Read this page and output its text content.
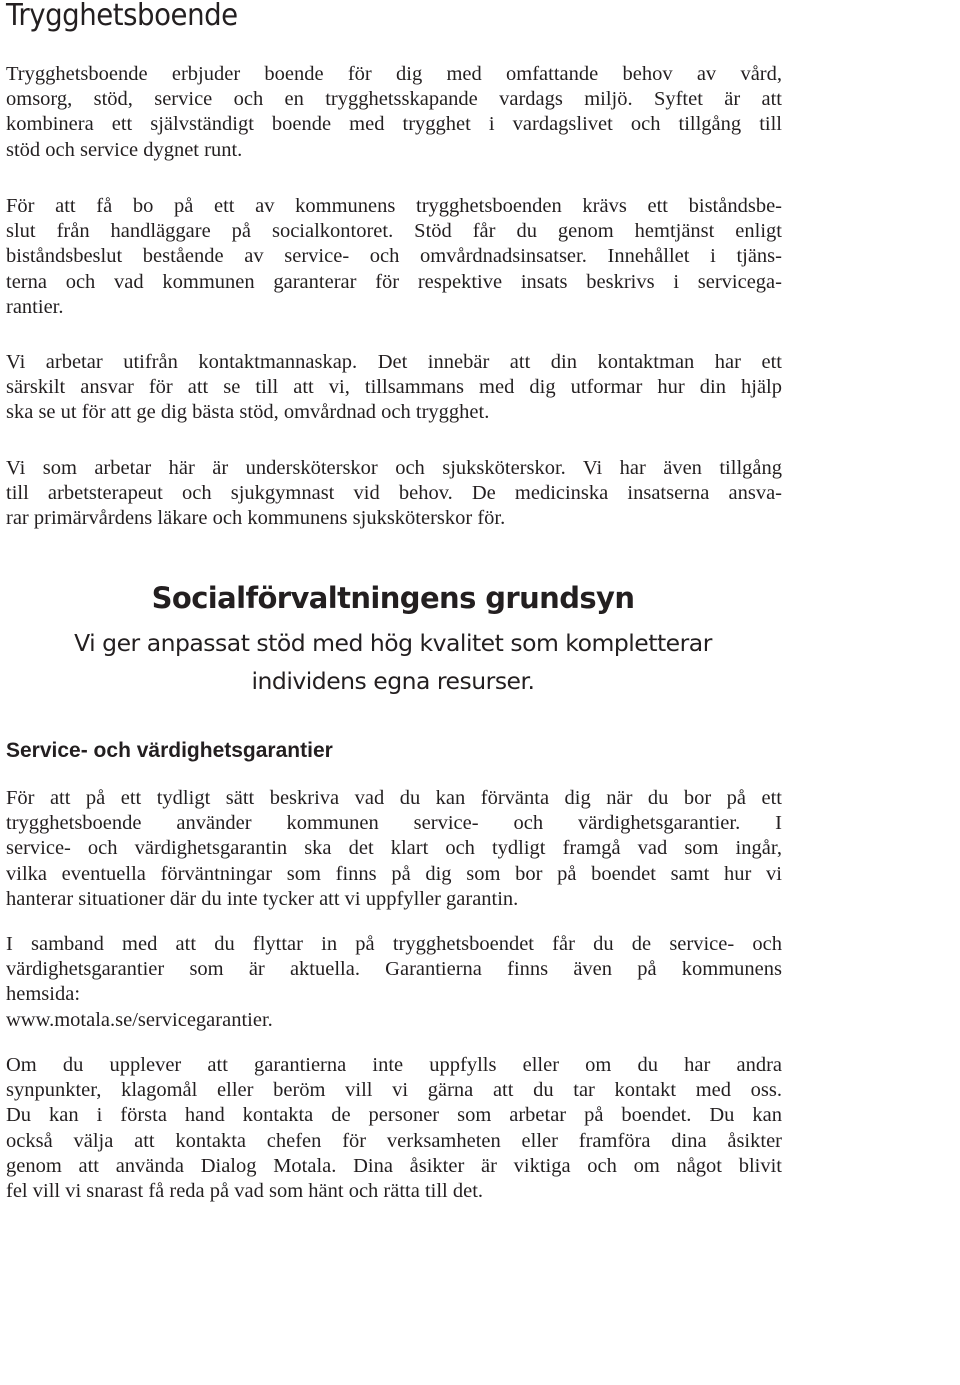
Trygghetsboende

Trygghetsboende erbjuder boende för dig med omfattande behov av vård,
omsorg, stöd, service och en trygghetsskapande vardags miljö. Syftet är att
kombinera ett självständigt boende med trygghet i vardagslivet och tillgång till
stöd och service dygnet runt.

För att få bo på ett av kommunens trygghetsboenden krävs ett biståndsbe-
slut från handläggare på socialkontoret. Stöd får du genom hemtjänst enligt
biståndsbeslut bestående av service- och omvårdnadsinsatser. Innehållet i tjäns-
terna och vad kommunen garanterar för respektive insats beskrivs i servicega-
rantier.

Vi arbetar utifrån kontaktmannaskap. Det innebär att din kontaktman har ett
särskilt ansvar för att se till att vi, tillsammans med dig utformar hur din hjälp
ska se ut för att ge dig bästa stöd, omvårdnad och trygghet.

Vi som arbetar här är undersköterskor och sjuksköterskor. Vi har även tillgång
till arbetsterapeut och sjukgymnast vid behov. De medicinska insatserna ansva-
rar primärvårdens läkare och kommunens sjuksköterskor för.

Socialförvaltningens grundsyn
Vi ger anpassat stöd med hög kvalitet som kompletterar
individens egna resurser.
Service- och värdighetsgarantier

För att på ett tydligt sätt beskriva vad du kan förvänta dig när du bor på ett
trygghetsboende använder kommunen service- och värdighetsgarantier. I
service- och värdighetsgarantin ska det klart och tydligt framgå vad som ingår,
vilka eventuella förväntningar som finns på dig som bor på boendet samt hur vi
hanterar situationer där du inte tycker att vi uppfyller garantin.

I samband med att du flyttar in på trygghetsboendet får du de service- och
värdighetsgarantier som är aktuella. Garantierna finns även på kommunens
hemsida:
www.motala.se/servicegarantier.

Om du upplever att garantierna inte uppfylls eller om du har andra
synpunkter, klagomål eller beröm vill vi gärna att du tar kontakt med oss.
Du kan i första hand kontakta de personer som arbetar på boendet. Du kan
också välja att kontakta chefen för verksamheten eller framföra dina åsikter
genom att använda Dialog Motala. Dina åsikter är viktiga och om något blivit
fel vill vi snarast få reda på vad som hänt och rätta till det.
